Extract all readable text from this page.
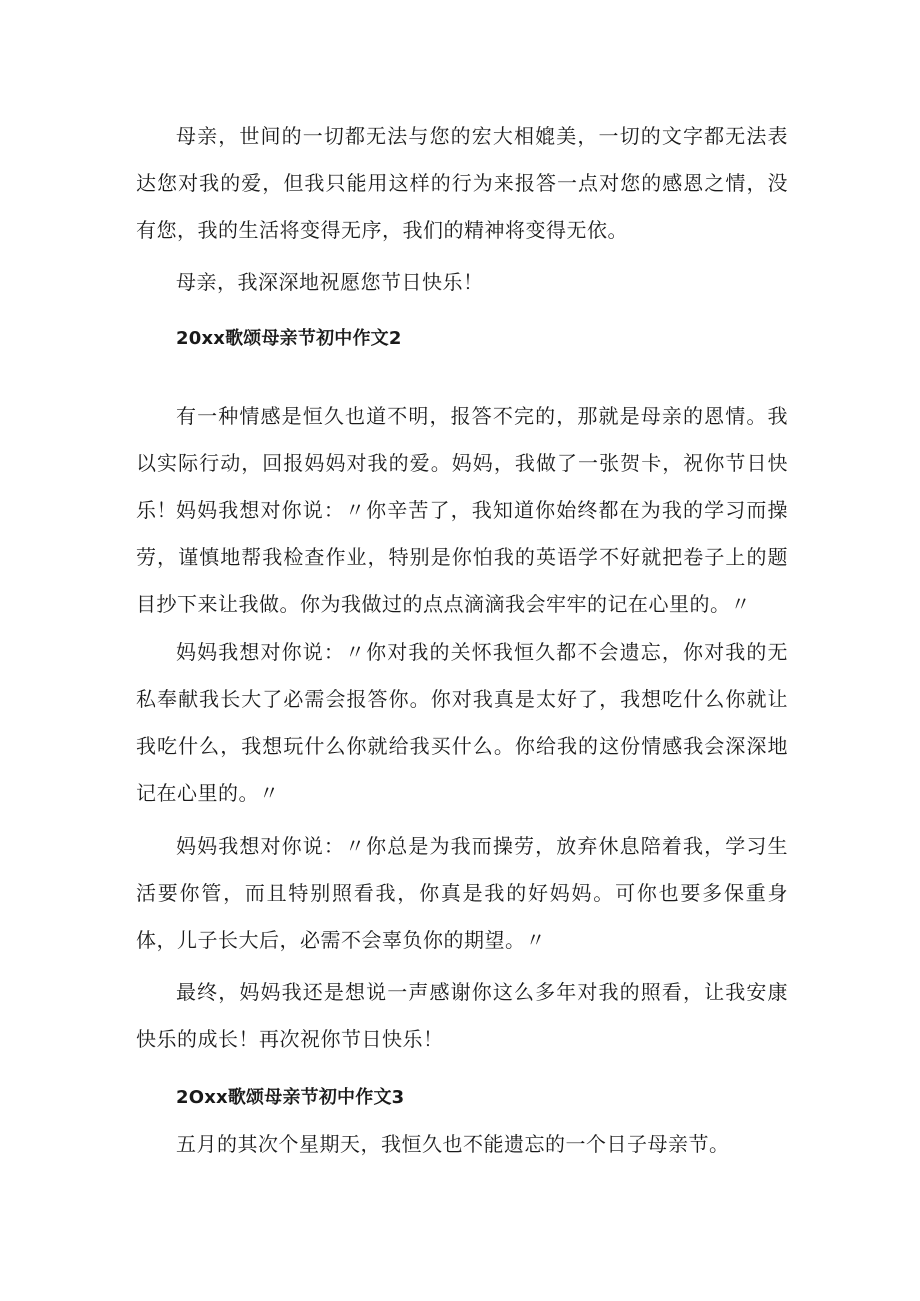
母亲，世间的一切都无法与您的宏大相媲美，一切的文字都无法表达您对我的爱，但我只能用这样的行为来报答一点对您的感恩之情，没有您，我的生活将变得无序，我们的精神将变得无依。

母亲，我深深地祝愿您节日快乐！

20xx歌颂母亲节初中作文2

有一种情感是恒久也道不明，报答不完的，那就是母亲的恩情。我以实际行动，回报妈妈对我的爱。妈妈，我做了一张贺卡，祝你节日快乐！ 妈妈我想对你说：〃你辛苦了，我知道你始终都在为我的学习而操劳，谨慎地帮我检查作业，特别是你怕我的英语学不好就把卷子上的题目抄下来让我做。你为我做过的点点滴滴我会牢牢的记在心里的。〃

妈妈我想对你说：〃你对我的关怀我恒久都不会遗忘，你对我的无私奉献我长大了必需会报答你。你对我真是太好了，我想吃什么你就让我吃什么，我想玩什么你就给我买什么。你给我的这份情感我会深深地记在心里的。〃

妈妈我想对你说：〃你总是为我而操劳，放弃休息陪着我，学习生活要你管，而且特别照看我，你真是我的好妈妈。可你也要多保重身体，儿子长大后，必需不会辜负你的期望。〃

最终，妈妈我还是想说一声感谢你这么多年对我的照看，让我安康快乐的成长！再次祝你节日快乐！

2Oxx歌颂母亲节初中作文3

五月的其次个星期天，我恒久也不能遗忘的一个日子母亲节。
